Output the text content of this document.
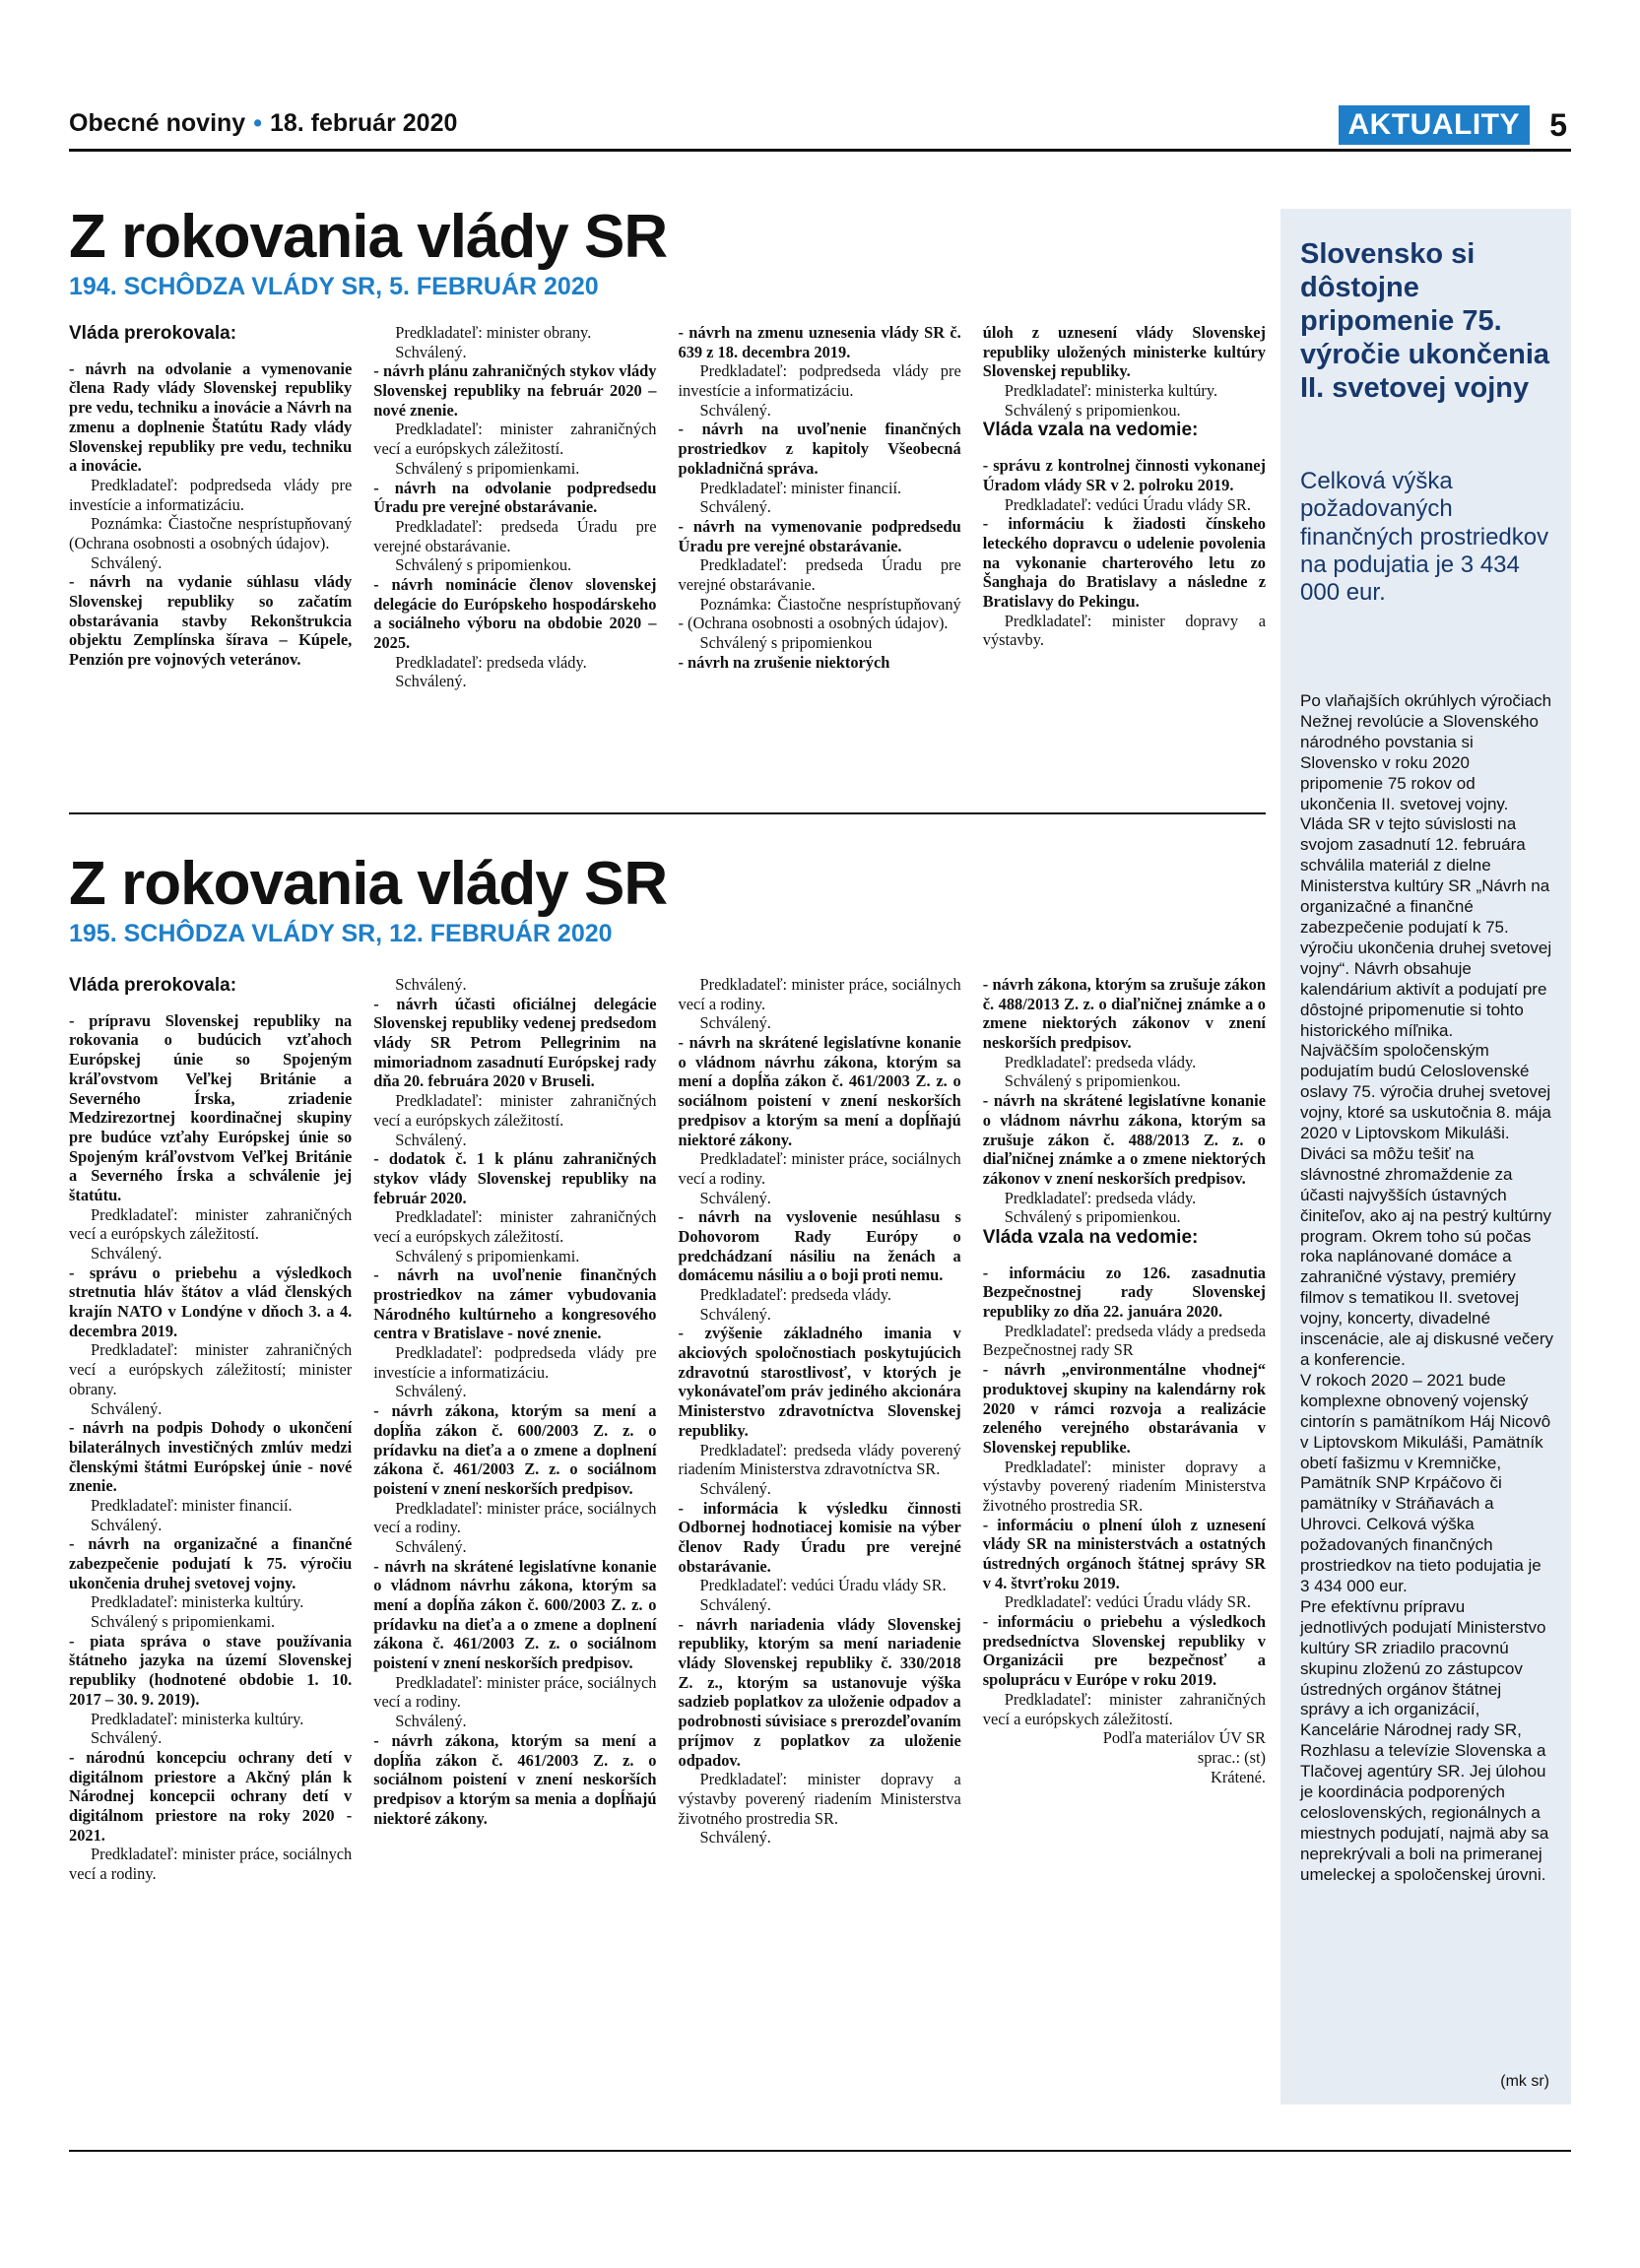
Obecné noviny • 18. február 2020	AKTUALITY 5
Z rokovania vlády SR
194. SCHÔDZA VLÁDY SR, 5. FEBRUÁR 2020

Vláda prerokovala:

- návrh na odvolanie a vymenovanie člena Rady vlády Slovenskej republiky pre vedu, techniku a inovácie a Návrh na zmenu a doplnenie Štatútu Rady vlády Slovenskej republiky pre vedu, techniku a inovácie.

Predkladateľ: podpredseda vlády pre investície a informatizáciu.

Poznámka: Čiastočne nesprístupňovaný (Ochrana osobnosti a osobných údajov).

Schválený.

- návrh na vydanie súhlasu vlády Slovenskej republiky so začatím obstarávania stavby Rekonštrukcia objektu Zemplínska šírava – Kúpele, Penzión pre vojnových veteránov.

Predkladateľ: minister obrany.

Schválený.

- návrh plánu zahraničných stykov vlády Slovenskej republiky na február 2020 – nové znenie.

Predkladateľ: minister zahraničných vecí a európskych záležitostí.

Schválený s pripomienkami.

- návrh na odvolanie podpredsedu Úradu pre verejné obstarávanie.

Predkladateľ: predseda Úradu pre verejné obstarávanie.

Schválený s pripomienkou.

- návrh nominácie členov slovenskej delegácie do Európskeho hospodárskeho a sociálneho výboru na obdobie 2020 – 2025.

Predkladateľ: predseda vlády.

Schválený.

- návrh na zmenu uznesenia vlády SR č. 639 z 18. decembra 2019.

Predkladateľ: podpredseda vlády pre investície a informatizáciu.

Schválený.

- návrh na uvoľnenie finančných prostriedkov z kapitoly Všeobecná pokladničná správa.

Predkladateľ: minister financií.

Schválený.

- návrh na vymenovanie podpredsedu Úradu pre verejné obstarávanie.

Predkladateľ: predseda Úradu pre verejné obstarávanie.

Poznámka: Čiastočne nesprístupňovaný - (Ochrana osobnosti a osobných údajov).

Schválený s pripomienkou

- návrh na zrušenie niektorých

úloh z uznesení vlády Slovenskej republiky uložených ministerke kultúry Slovenskej republiky.

Predkladateľ: ministerka kultúry.

Schválený s pripomienkou.

Vláda vzala na vedomie:

- správu z kontrolnej činnosti vykonanej Úradom vlády SR v 2. polroku 2019.

Predkladateľ: vedúci Úradu vlády SR.

- informáciu k žiadosti čínskeho leteckého dopravcu o udelenie povolenia na vykonanie charterového letu zo Šanghaja do Bratislavy a následne z Bratislavy do Pekingu.

Predkladateľ: minister dopravy a výstavby.

Z rokovania vlády SR
195. SCHÔDZA VLÁDY SR, 12. FEBRUÁR 2020

Vláda prerokovala:

- prípravu Slovenskej republiky na rokovania o budúcich vzťahoch Európskej únie so Spojeným kráľovstvom Veľkej Británie a Severného Írska, zriadenie Medzirezortnej koordinačnej skupiny pre budúce vzťahy Európskej únie so Spojeným kráľovstvom Veľkej Británie a Severného Írska a schválenie jej štatútu.

Predkladateľ: minister zahraničných vecí a európskych záležitostí.

Schválený.

- správu o priebehu a výsledkoch stretnutia hláv štátov a vlád členských krajín NATO v Londýne v dňoch 3. a 4. decembra 2019.

Predkladateľ: minister zahraničných vecí a európskych záležitostí; minister obrany.

Schválený.

- návrh na podpis Dohody o ukončení bilaterálnych investičných zmlúv medzi členskými štátmi Európskej únie - nové znenie.

Predkladateľ: minister financií.

Schválený.

- návrh na organizačné a finančné zabezpečenie podujatí k 75. výročiu ukončenia druhej svetovej vojny.

Predkladateľ: ministerka kultúry.

Schválený s pripomienkami.

- piata správa o stave používania štátneho jazyka na území Slovenskej republiky (hodnotené obdobie 1. 10. 2017 – 30. 9. 2019).

Predkladateľ: ministerka kultúry.

Schválený.

- národnú koncepciu ochrany detí v digitálnom priestore a Akčný plán k Národnej koncepcii ochrany detí v digitálnom priestore na roky 2020 - 2021.

Predkladateľ: minister práce, sociálnych vecí a rodiny.

Schválený.

- návrh účasti oficiálnej delegácie Slovenskej republiky vedenej predsedom vlády SR Petrom Pellegrinim na mimoriadnom zasadnutí Európskej rady dňa 20. februára 2020 v Bruseli.

Predkladateľ: minister zahraničných vecí a európskych záležitostí.

Schválený.

- dodatok č. 1 k plánu zahraničných stykov vlády Slovenskej republiky na február 2020.

Predkladateľ: minister zahraničných vecí a európskych záležitostí.

Schválený s pripomienkami.

- návrh na uvoľnenie finančných prostriedkov na zámer vybudovania Národného kultúrneho a kongresového centra v Bratislave - nové znenie.

Predkladateľ: podpredseda vlády pre investície a informatizáciu.

Schválený.

- návrh zákona, ktorým sa mení a dopĺňa zákon č. 600/2003 Z. z. o prídavku na dieťa a o zmene a doplnení zákona č. 461/2003 Z. z. o sociálnom poistení v znení neskorších predpisov.

Predkladateľ: minister práce, sociálnych vecí a rodiny.

Schválený.

- návrh na skrátené legislatívne konanie o vládnom návrhu zákona, ktorým sa mení a dopĺňa zákon č. 600/2003 Z. z. o prídavku na dieťa a o zmene a doplnení zákona č. 461/2003 Z. z. o sociálnom poistení v znení neskorších predpisov.

Predkladateľ: minister práce, sociálnych vecí a rodiny.

Schválený.

- návrh zákona, ktorým sa mení a dopĺňa zákon č. 461/2003 Z. z. o sociálnom poistení v znení neskorších predpisov a ktorým sa menia a dopĺňajú niektoré zákony.

Predkladateľ: minister práce, sociálnych vecí a rodiny.

Schválený.

- návrh na skrátené legislatívne konanie o vládnom návrhu zákona, ktorým sa mení a dopĺňa zákon č. 461/2003 Z. z. o sociálnom poistení v znení neskorších predpisov a ktorým sa mení a dopĺňajú niektoré zákony.

Predkladateľ: minister práce, sociálnych vecí a rodiny.

Schválený.

- návrh na vyslovenie nesúhlasu s Dohovorom Rady Európy o predchádzaní násiliu na ženách a domácemu násiliu a o boji proti nemu.

Predkladateľ: predseda vlády.

Schválený.

- zvýšenie základného imania v akciových spoločnostiach poskytujúcich zdravotnú starostlivosť, v ktorých je vykonávateľom práv jediného akcionára Ministerstvo zdravotníctva Slovenskej republiky.

Predkladateľ: predseda vlády poverený riadením Ministerstva zdravotníctva SR.

Schválený.

- informácia k výsledku činnosti Odbornej hodnotiacej komisie na výber členov Rady Úradu pre verejné obstarávanie.

Predkladateľ: vedúci Úradu vlády SR.

Schválený.

- návrh nariadenia vlády Slovenskej republiky, ktorým sa mení nariadenie vlády Slovenskej republiky č. 330/2018 Z. z., ktorým sa ustanovuje výška sadzieb poplatkov za uloženie odpadov a podrobnosti súvisiace s prerozdeľovaním príjmov z poplatkov za uloženie odpadov.

Predkladateľ: minister dopravy a výstavby poverený riadením Ministerstva životného prostredia SR.

Schválený.

- návrh zákona, ktorým sa zrušuje zákon č. 488/2013 Z. z. o diaľničnej známke a o zmene niektorých zákonov v znení neskorších predpisov.

Predkladateľ: predseda vlády.

Schválený s pripomienkou.

- návrh na skrátené legislatívne konanie o vládnom návrhu zákona, ktorým sa zrušuje zákon č. 488/2013 Z. z. o diaľničnej známke a o zmene niektorých zákonov v znení neskorších predpisov.

Predkladateľ: predseda vlády.

Schválený s pripomienkou.

Vláda vzala na vedomie:

- informáciu zo 126. zasadnutia Bezpečnostnej rady Slovenskej republiky zo dňa 22. januára 2020.

Predkladateľ: predseda vlády a predseda Bezpečnostnej rady SR

- návrh „environmentálne vhodnej“ produktovej skupiny na kalendárny rok 2020 v rámci rozvoja a realizácie zeleného verejného obstarávania v Slovenskej republike.

Predkladateľ: minister dopravy a výstavby poverený riadením Ministerstva životného prostredia SR.

- informáciu o plnení úloh z uznesení vlády SR na ministerstvách a ostatných ústredných orgánoch štátnej správy SR v 4. štvrťroku 2019.

Predkladateľ: vedúci Úradu vlády SR.

- informáciu o priebehu a výsledkoch predsedníctva Slovenskej republiky v Organizácii pre bezpečnosť a spoluprácu v Európe v roku 2019.

Predkladateľ: minister zahraničných vecí a európskych záležitostí.

Podľa materiálov ÚV SR

sprac.: (st)

Krátené.

Slovensko si dôstojne pripomenie 75. výročie ukončenia II. svetovej vojny
Celková výška požadovaných finančných prostriedkov na podujatia je 3 434 000 eur.

Po vlaňajších okrúhlych výročiach Nežnej revolúcie a Slovenského národného povstania si Slovensko v roku 2020 pripomenie 75 rokov od ukončenia II. svetovej vojny. Vláda SR v tejto súvislosti na svojom zasadnutí 12. februára schválila materiál z dielne Ministerstva kultúry SR „Návrh na organizačné a finančné zabezpečenie podujatí k 75. výročiu ukončenia druhej svetovej vojny“. Návrh obsahuje kalendárium aktivít a podujatí pre dôstojné pripomenutie si tohto historického míľnika.

Najväčším spoločenským podujatím budú Celoslovenské oslavy 75. výročia druhej svetovej vojny, ktoré sa uskutočnia 8. mája 2020 v Liptovskom Mikuláši. Diváci sa môžu tešiť na slávnostné zhromaždenie za účasti najvyšších ústavných činiteľov, ako aj na pestrý kultúrny program. Okrem toho sú počas roka naplánované domáce a zahraničné výstavy, premiéry filmov s tematikou II. svetovej vojny, koncerty, divadelné inscenácie, ale aj diskusné večery a konferencie.

V rokoch 2020 – 2021 bude komplexne obnovený vojenský cintorín s pamätníkom Háj Nicovô v Liptovskom Mikuláši, Pamätník obetí fašizmu v Kremničke, Pamätník SNP Krpáčovo či pamätníky v Stráňavách a Uhrovci. Celková výška požadovaných finančných prostriedkov na tieto podujatia je 3 434 000 eur.

Pre efektívnu prípravu jednotlivých podujatí Ministerstvo kultúry SR zriadilo pracovnú skupinu zloženú zo zástupcov ústredných orgánov štátnej správy a ich organizácií, Kancelárie Národnej rady SR, Rozhlasu a televízie Slovenska a Tlačovej agentúry SR. Jej úlohou je koordinácia podporených celoslovenských, regionálnych a miestnych podujatí, najmä aby sa neprekrývali a boli na primeranej umeleckej a spoločenskej úrovni.

(mk sr)
